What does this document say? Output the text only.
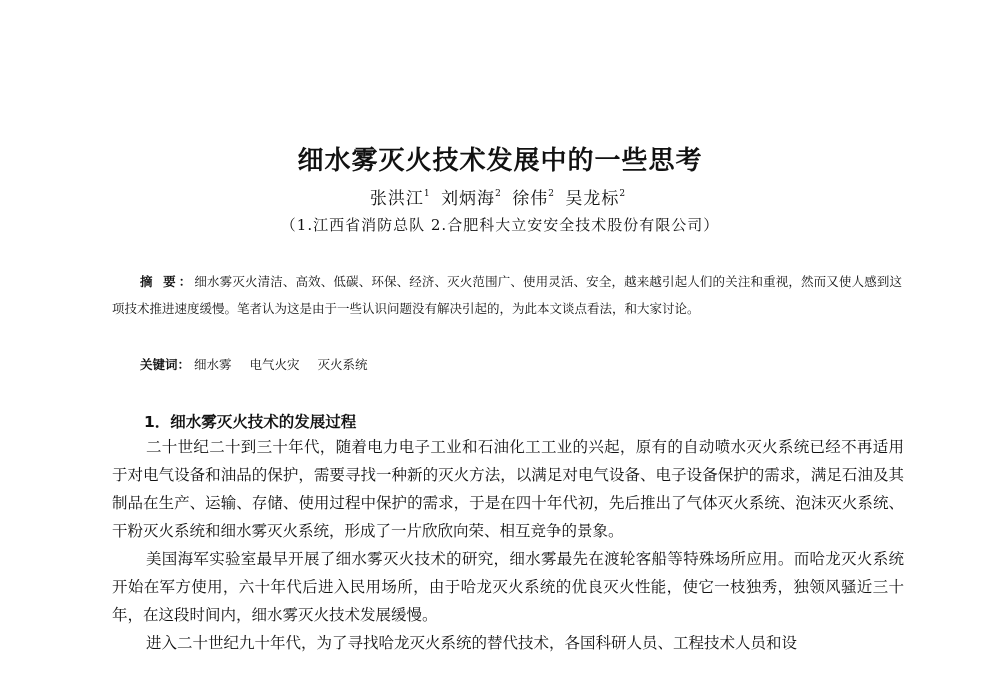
细水雾灭火技术发展中的一些思考
张洪江$^1$ 刘炳海$^2$ 徐伟$^2$ 吴龙标$^2$
（1.江西省消防总队 2.合肥科大立安安全技术股份有限公司）
摘 要：细水雾灭火清洁、高效、低碳、环保、经济、灭火范围广、使用灵活、安全，越来越引起人们的关注和重视，然而又使人感到这项技术推进速度缓慢。笔者认为这是由于一些认识问题没有解决引起的，为此本文谈点看法，和大家讨论。
关键词： 细水雾 电气火灾 灭火系统
1．细水雾灭火技术的发展过程

二十世纪二十到三十年代，随着电力电子工业和石油化工工业的兴起，原有的自动喷水灭火系统已经不再适用于对电气设备和油品的保护，需要寻找一种新的灭火方法，以满足对电气设备、电子设备保护的需求，满足石油及其制品在生产、运输、存储、使用过程中保护的需求，于是在四十年代初，先后推出了气体灭火系统、泡沫灭火系统、干粉灭火系统和细水雾灭火系统，形成了一片欣欣向荣、相互竞争的景象。

美国海军实验室最早开展了细水雾灭火技术的研究，细水雾最先在渡轮客船等特殊场所应用。而哈龙灭火系统开始在军方使用，六十年代后进入民用场所，由于哈龙灭火系统的优良灭火性能，使它一枝独秀，独领风骚近三十年，在这段时间内，细水雾灭火技术发展缓慢。

进入二十世纪九十年代，为了寻找哈龙灭火系统的替代技术，各国科研人员、工程技术人员和设
